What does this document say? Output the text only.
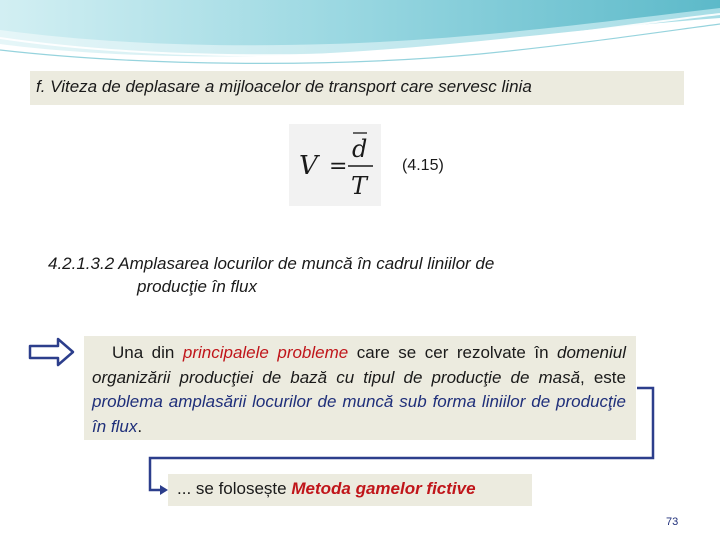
f. Viteza de deplasare a mijloacelor de transport care servesc linia
V =
d
T
(4.15)
4.2.1.3.2 Amplasarea locurilor de muncă în cadrul liniilor de
producţie în flux
Una din principalele probleme care se cer rezolvate în domeniul organizării producţiei de bază cu tipul de producţie de masă, este problema amplasării locurilor de muncă sub forma liniilor de producţie în flux.
... se folosește Metoda gamelor fictive
73
